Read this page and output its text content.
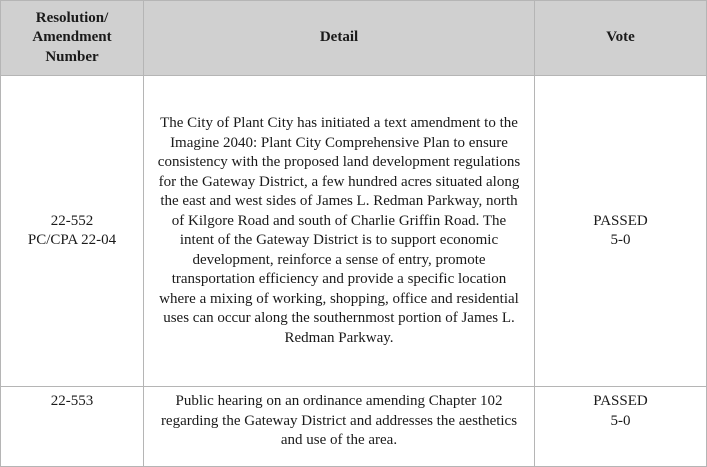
Resolution/
Amendment
Number	Detail	Vote

22-552
PC/CPA 22-04	The City of Plant City has initiated a text amendment to the Imagine 2040: Plant City Comprehensive Plan to ensure consistency with the proposed land development regulations for the Gateway District, a few hundred acres situated along the east and west sides of James L. Redman Parkway, north of Kilgore Road and south of Charlie Griffin Road. The intent of the Gateway District is to support economic development, reinforce a sense of entry, promote transportation efficiency and provide a specific location where a mixing of working, shopping, office and residential uses can occur along the southernmost portion of James L. Redman Parkway.	PASSED
5-0

22-553	Public hearing on an ordinance amending Chapter 102 regarding the Gateway District and addresses the aesthetics and use of the area.	PASSED
5-0
